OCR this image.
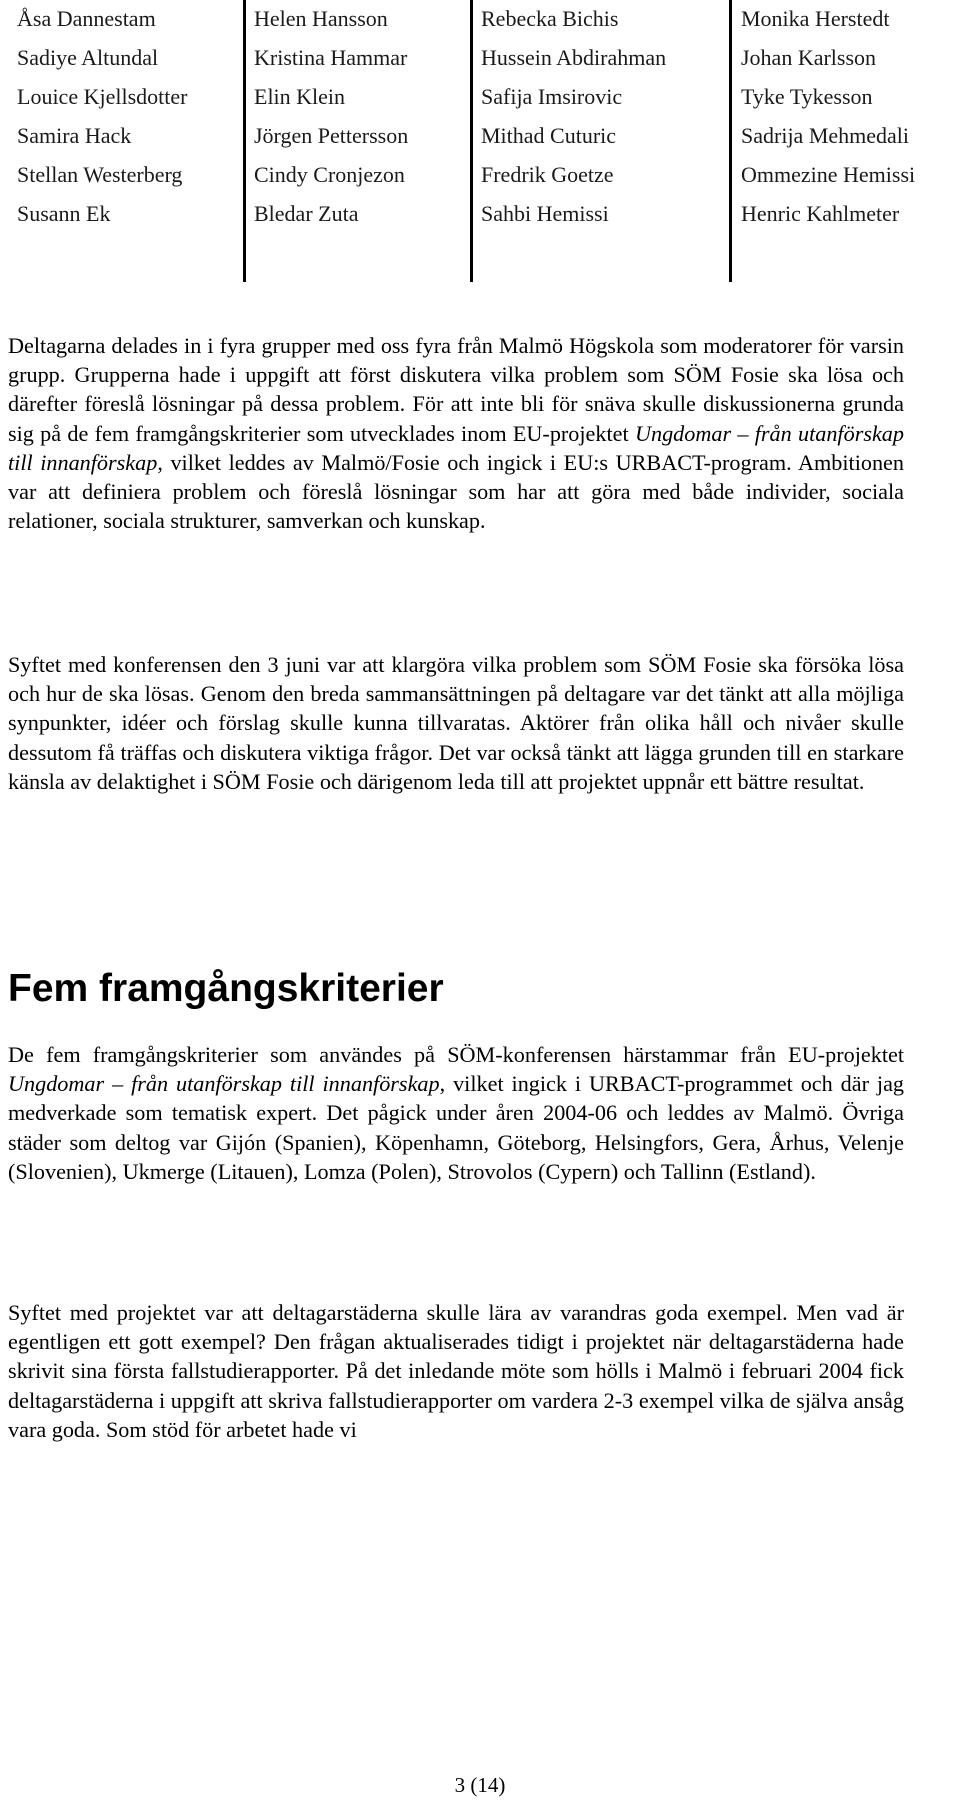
Åsa Dannestam
Sadiye Altundal
Louice Kjellsdotter
Samira Hack
Stellan Westerberg
Susann Ek
Helen Hansson
Kristina Hammar
Elin Klein
Jörgen Pettersson
Cindy Cronjezon
Bledar Zuta
Rebecka Bichis
Hussein Abdirahman
Safija Imsirovic
Mithad Cuturic
Fredrik Goetze
Sahbi Hemissi
Monika Herstedt
Johan Karlsson
Tyke Tykesson
Sadrija Mehmedali
Ommezine Hemissi
Henric Kahlmeter

Deltagarna delades in i fyra grupper med oss fyra från Malmö Högskola som moderatorer för varsin grupp. Grupperna hade i uppgift att först diskutera vilka problem som SÖM Fosie ska lösa och därefter föreslå lösningar på dessa problem. För att inte bli för snäva skulle diskussionerna grunda sig på de fem framgångskriterier som utvecklades inom EU-projektet Ungdomar – från utanförskap till innanförskap, vilket leddes av Malmö/Fosie och ingick i EU:s URBACT-program. Ambitionen var att definiera problem och föreslå lösningar som har att göra med både individer, sociala relationer, sociala strukturer, samverkan och kunskap.

Syftet med konferensen den 3 juni var att klargöra vilka problem som SÖM Fosie ska försöka lösa och hur de ska lösas. Genom den breda sammansättningen på deltagare var det tänkt att alla möjliga synpunkter, idéer och förslag skulle kunna tillvaratas. Aktörer från olika håll och nivåer skulle dessutom få träffas och diskutera viktiga frågor. Det var också tänkt att lägga grunden till en starkare känsla av delaktighet i SÖM Fosie och därigenom leda till att projektet uppnår ett bättre resultat.

Fem framgångskriterier

De fem framgångskriterier som användes på SÖM-konferensen härstammar från EU-projektet Ungdomar – från utanförskap till innanförskap, vilket ingick i URBACT-programmet och där jag medverkade som tematisk expert. Det pågick under åren 2004-06 och leddes av Malmö. Övriga städer som deltog var Gijón (Spanien), Köpenhamn, Göteborg, Helsingfors, Gera, Århus, Velenje (Slovenien), Ukmerge (Litauen), Lomza (Polen), Strovolos (Cypern) och Tallinn (Estland).

Syftet med projektet var att deltagarstäderna skulle lära av varandras goda exempel. Men vad är egentligen ett gott exempel? Den frågan aktualiserades tidigt i projektet när deltagarstäderna hade skrivit sina första fallstudierapporter. På det inledande möte som hölls i Malmö i februari 2004 fick deltagarstäderna i uppgift att skriva fallstudierapporter om vardera 2-3 exempel vilka de själva ansåg vara goda. Som stöd för arbetet hade vi

3 (14)
